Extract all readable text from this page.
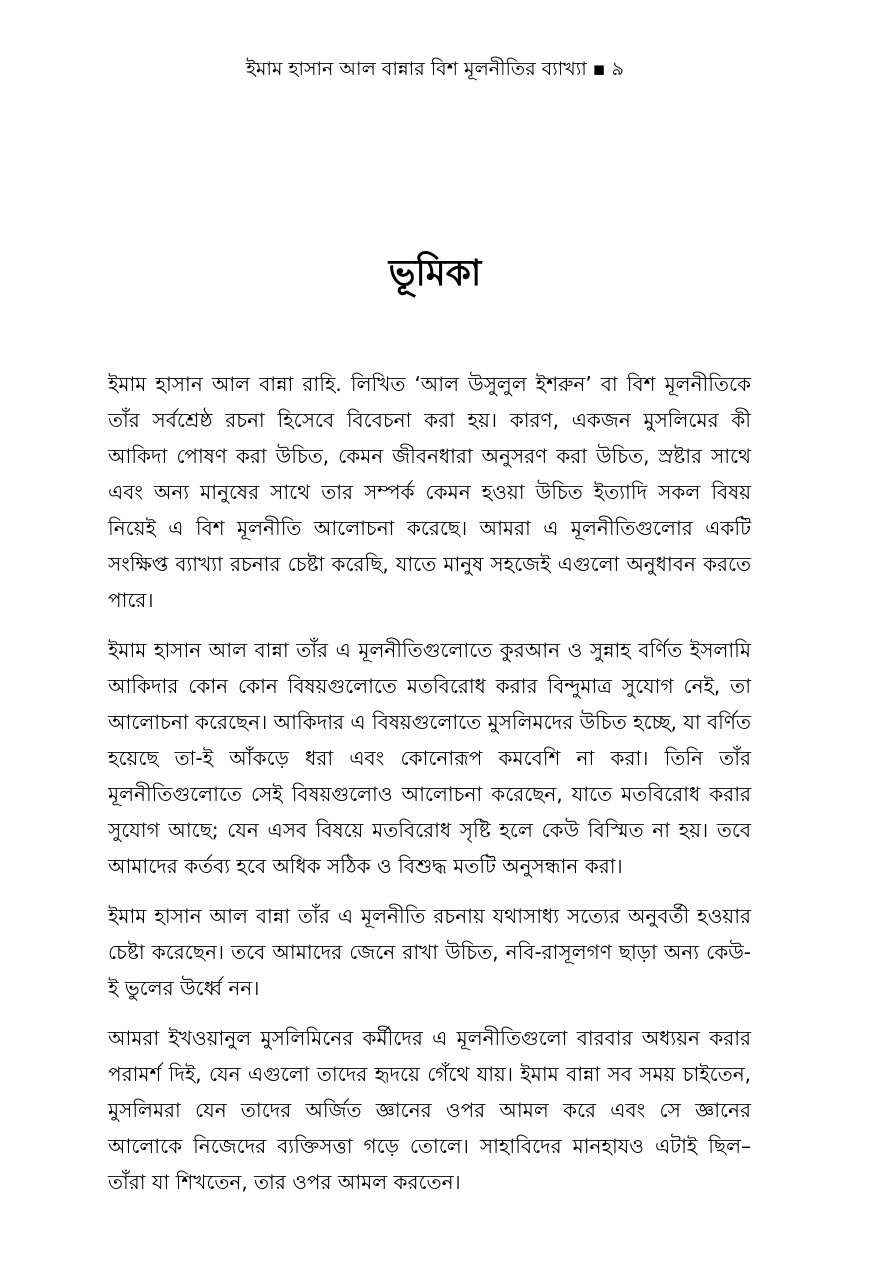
ইমাম হাসান আল বান্নার বিশ মূলনীতির ব্যাখ্যা ▪ ৯
ভূমিকা

ইমাম হাসান আল বান্না রাহি. লিখিত ‘আল উসুলুল ইশরুন’ বা বিশ মূলনীতিকে তাঁর সর্বশ্রেষ্ঠ রচনা হিসেবে বিবেচনা করা হয়। কারণ, একজন মুসলিমের কী আকিদা পোষণ করা উচিত, কেমন জীবনধারা অনুসরণ করা উচিত, স্রষ্টার সাথে এবং অন্য মানুষের সাথে তার সম্পর্ক কেমন হওয়া উচিত ইত্যাদি সকল বিষয় নিয়েই এ বিশ মূলনীতি আলোচনা করেছে। আমরা এ মূলনীতিগুলোর একটি সংক্ষিপ্ত ব্যাখ্যা রচনার চেষ্টা করেছি, যাতে মানুষ সহজেই এগুলো অনুধাবন করতে পারে।

ইমাম হাসান আল বান্না তাঁর এ মূলনীতিগুলোতে কুরআন ও সুন্নাহ বর্ণিত ইসলামি আকিদার কোন কোন বিষয়গুলোতে মতবিরোধ করার বিন্দুমাত্র সুযোগ নেই, তা আলোচনা করেছেন। আকিদার এ বিষয়গুলোতে মুসলিমদের উচিত হচ্ছে, যা বর্ণিত হয়েছে তা-ই আঁকড়ে ধরা এবং কোনোরূপ কমবেশি না করা। তিনি তাঁর মূলনীতিগুলোতে সেই বিষয়গুলোও আলোচনা করেছেন, যাতে মতবিরোধ করার সুযোগ আছে; যেন এসব বিষয়ে মতবিরোধ সৃষ্টি হলে কেউ বিস্মিত না হয়। তবে আমাদের কর্তব্য হবে অধিক সঠিক ও বিশুদ্ধ মতটি অনুসন্ধান করা।

ইমাম হাসান আল বান্না তাঁর এ মূলনীতি রচনায় যথাসাধ্য সত্যের অনুবর্তী হওয়ার চেষ্টা করেছেন। তবে আমাদের জেনে রাখা উচিত, নবি-রাসূলগণ ছাড়া অন্য কেউ-ই ভুলের উর্ধ্বে নন।

আমরা ইখওয়ানুল মুসলিমিনের কর্মীদের এ মূলনীতিগুলো বারবার অধ্যয়ন করার পরামর্শ দিই, যেন এগুলো তাদের হৃদয়ে গেঁথে যায়। ইমাম বান্না সব সময় চাইতেন, মুসলিমরা যেন তাদের অর্জিত জ্ঞানের ওপর আমল করে এবং সে জ্ঞানের আলোকে নিজেদের ব্যক্তিসত্তা গড়ে তোলে। সাহাবিদের মানহাযও এটাই ছিল– তাঁরা যা শিখতেন, তার ওপর আমল করতেন।
